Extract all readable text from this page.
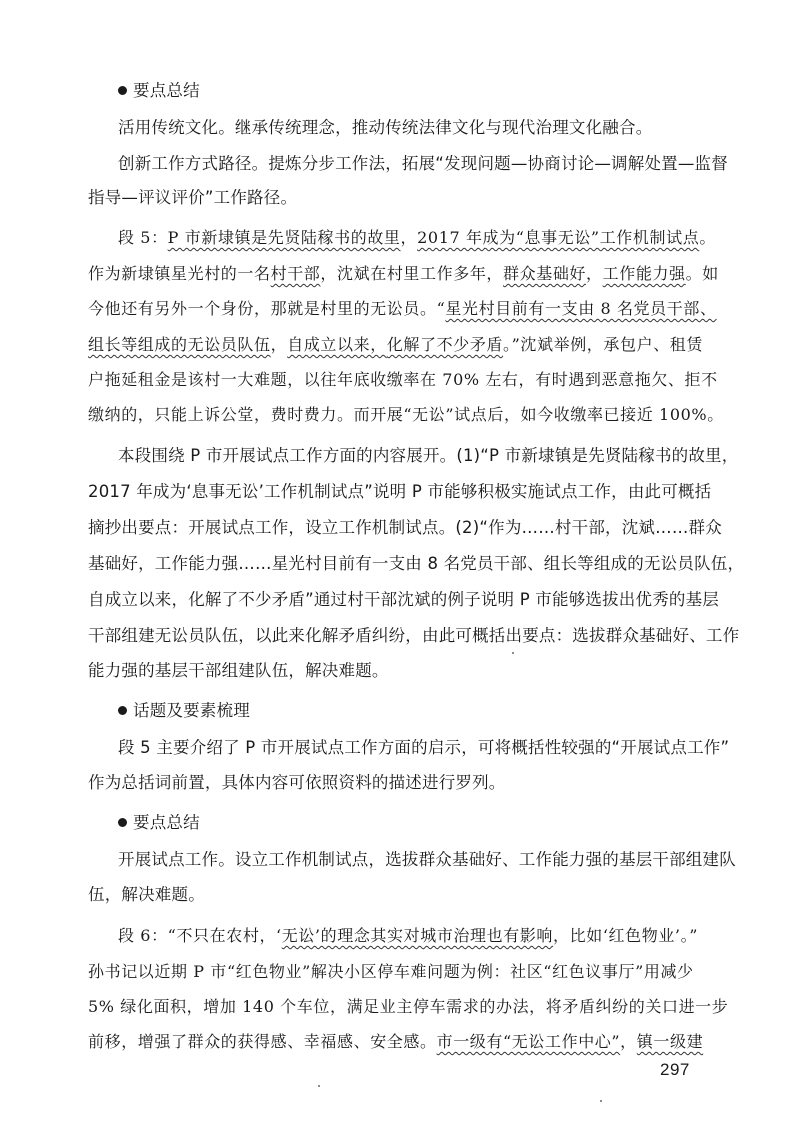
要点总结
活用传统文化。继承传统理念，推动传统法律文化与现代治理文化融合。
创新工作方式路径。提炼分步工作法，拓展“发现问题—协商讨论—调解处置—监督
指导—评议评价”工作路径。
段 5：P 市新埭镇是先贤陆稼书的故里，2017 年成为“息事无讼”工作机制试点。
作为新埭镇星光村的一名村干部，沈斌在村里工作多年，群众基础好，工作能力强。如
今他还有另外一个身份，那就是村里的无讼员。“星光村目前有一支由 8 名党员干部、
组长等组成的无讼员队伍，自成立以来，化解了不少矛盾。”沈斌举例，承包户、租赁
户拖延租金是该村一大难题，以往年底收缴率在 70% 左右，有时遇到恶意拖欠、拒不
缴纳的，只能上诉公堂，费时费力。而开展“无讼”试点后，如今收缴率已接近 100%。
本段围绕 P 市开展试点工作方面的内容展开。(1)“P 市新埭镇是先贤陆稼书的故里，
2017 年成为‘息事无讼’工作机制试点”说明 P 市能够积极实施试点工作，由此可概括
摘抄出要点：开展试点工作，设立工作机制试点。(2)“作为……村干部，沈斌……群众
基础好，工作能力强……星光村目前有一支由 8 名党员干部、组长等组成的无讼员队伍，
自成立以来，化解了不少矛盾”通过村干部沈斌的例子说明 P 市能够选拔出优秀的基层
干部组建无讼员队伍，以此来化解矛盾纠纷，由此可概括出要点：选拔群众基础好、工作
能力强的基层干部组建队伍，解决难题。
话题及要素梳理
段 5 主要介绍了 P 市开展试点工作方面的启示，可将概括性较强的“开展试点工作”
作为总括词前置，具体内容可依照资料的描述进行罗列。
要点总结
开展试点工作。设立工作机制试点，选拔群众基础好、工作能力强的基层干部组建队
伍，解决难题。
段 6：“不只在农村，‘无讼’的理念其实对城市治理也有影响，比如‘红色物业’。”
孙书记以近期 P 市“红色物业”解决小区停车难问题为例：社区“红色议事厅”用减少
5% 绿化面积，增加 140 个车位，满足业主停车需求的办法，将矛盾纠纷的关口进一步
前移，增强了群众的获得感、幸福感、安全感。市一级有“无讼工作中心”，镇一级建
297
